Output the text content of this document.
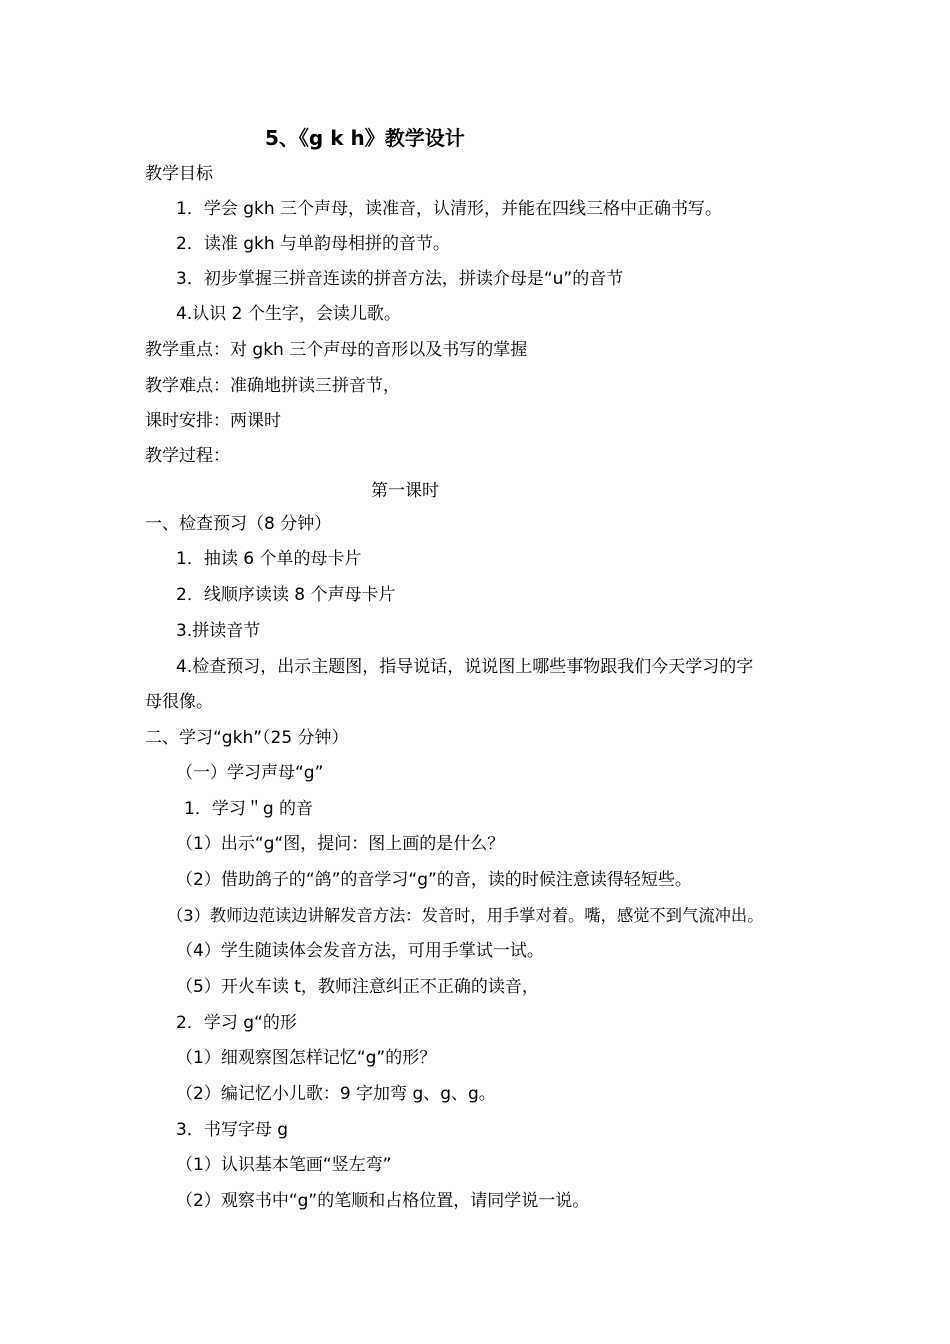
5、《g k h》教学设计
教学目标
1．学会 gkh 三个声母，读准音，认清形，并能在四线三格中正确书写。
2．读准 gkh 与单韵母相拼的音节。
3．初步掌握三拼音连读的拼音方法，拼读介母是“u”的音节
4.认识 2 个生字，会读儿歌。
教学重点：对 gkh 三个声母的音形以及书写的掌握
教学难点：准确地拼读三拼音节，
课时安排：两课时
教学过程：
第一课时
一、检查预习（8 分钟）
1．抽读 6 个单的母卡片
2．线顺序读读 8 个声母卡片
3.拼读音节
4.检查预习，出示主题图，指导说话，说说图上哪些事物跟我们今天学习的字
母很像。
二、学习“gkh”（25 分钟）
（一）学习声母“g”
1．学习＂g 的音
（1）出示“g“图，提问：图上画的是什么？
（2）借助鸽子的“鸽”的音学习“g”的音，读的时候注意读得轻短些。
（3）教师边范读边讲解发音方法：发音时，用手掌对着。嘴，感觉不到气流冲出。
（4）学生随读体会发音方法，可用手掌试一试。
（5）开火车读 t，教师注意纠正不正确的读音，
2．学习 g“的形
（1）细观察图怎样记忆“g”的形？
（2）编记忆小儿歌：9 字加弯 g、g、g。
3．书写字母 g
（1）认识基本笔画“竖左弯”
（2）观察书中“g”的笔顺和占格位置，请同学说一说。
